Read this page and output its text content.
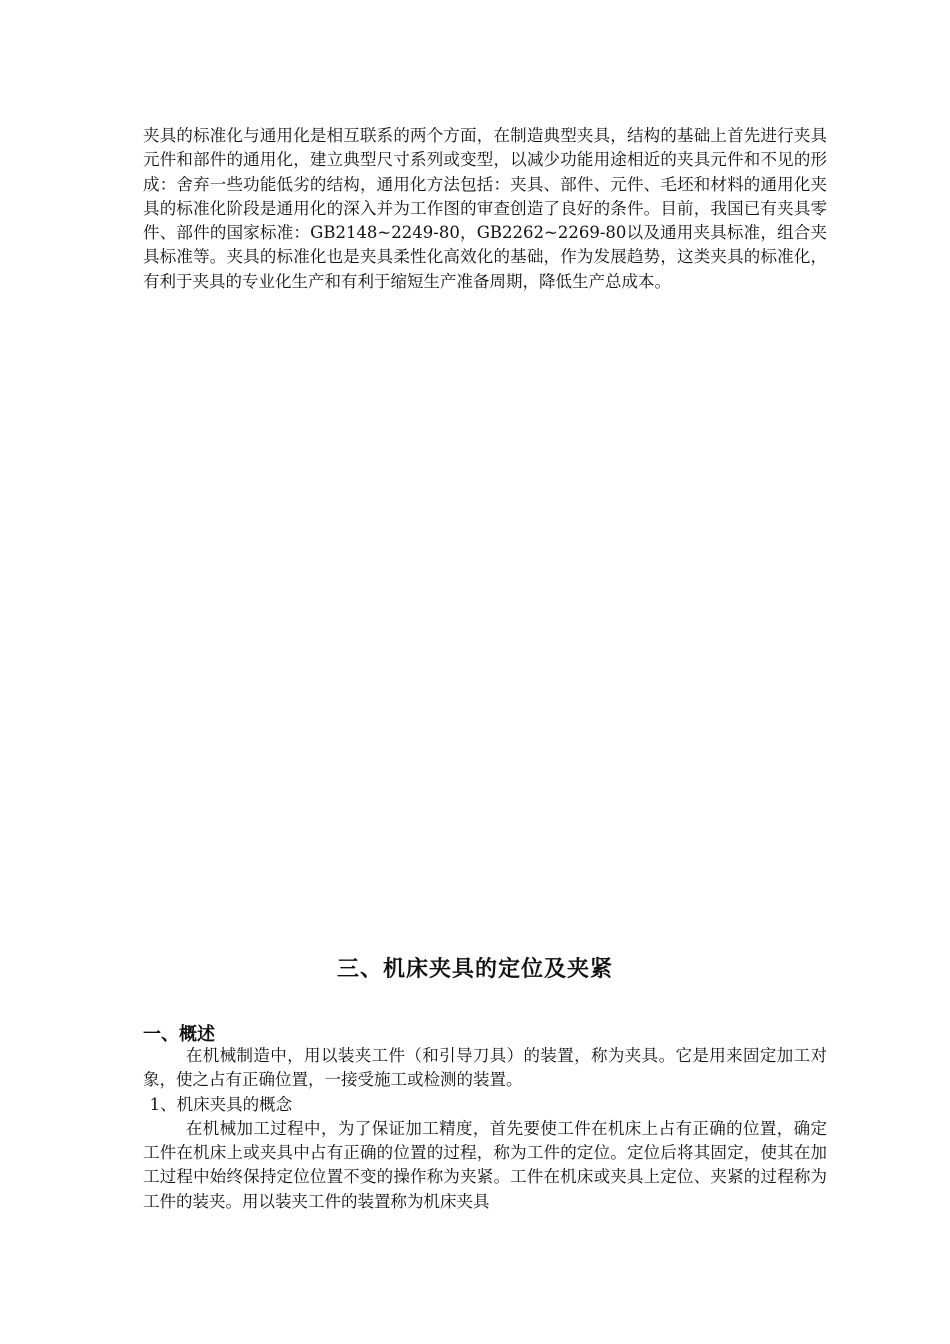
夹具的标准化与通用化是相互联系的两个方面，在制造典型夹具，结构的基础上首先进行夹具元件和部件的通用化，建立典型尺寸系列或变型，以减少功能用途相近的夹具元件和不见的形成：舍弃一些功能低劣的结构，通用化方法包括：夹具、部件、元件、毛坯和材料的通用化夹具的标准化阶段是通用化的深入并为工作图的审查创造了良好的条件。目前，我国已有夹具零件、部件的国家标准：GB2148~2249-80，GB2262~2269-80以及通用夹具标准，组合夹具标准等。夹具的标准化也是夹具柔性化高效化的基础，作为发展趋势，这类夹具的标准化，有利于夹具的专业化生产和有利于缩短生产准备周期，降低生产总成本。

三、机床夹具的定位及夹紧
一、概述

在机械制造中，用以装夹工件（和引导刀具）的装置，称为夹具。它是用来固定加工对象，使之占有正确位置，一接受施工或检测的装置。

1、机床夹具的概念

在机械加工过程中，为了保证加工精度，首先要使工件在机床上占有正确的位置，确定工件在机床上或夹具中占有正确的位置的过程，称为工件的定位。定位后将其固定，使其在加工过程中始终保持定位位置不变的操作称为夹紧。工件在机床或夹具上定位、夹紧的过程称为工件的装夹。用以装夹工件的装置称为机床夹具
